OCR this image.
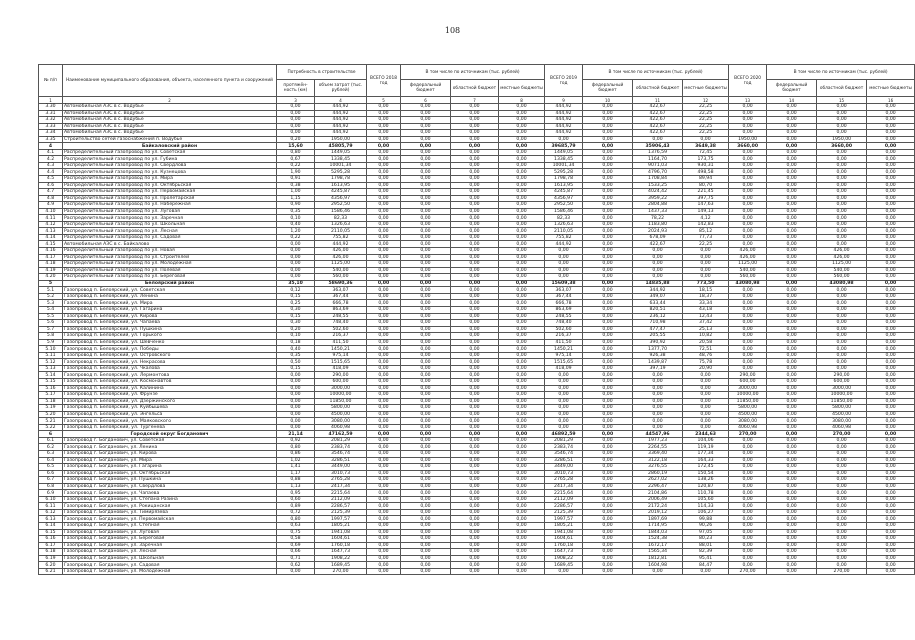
108
№ п/п	Наименование муниципального образования, объекта, населенного пункта и сооружений	Потребность в строительстве		ВСЕГО 2018 год	В том числе по источникам (тыс. рублей)			ВСЕГО 2019 год	В том числе по источникам (тыс. рублей)			ВСЕГО 2020 год	В том числе по источникам (тыс. рублей)		
		протяжён-ность (км)	объем затрат (тыс. рублей)		федеральный бюджет	областной бюджет	местные бюджеты		федеральный бюджет	областной бюджет	местные бюджеты		федеральный бюджет	областной бюджет	местные бюджеты
1	2	3	4	5	6	7	8	9	10	11	12	13	14	15	16
3.30	Автомобильная АЗС в с. Водубье	0,00	444,92	0,00	0,00	0,00	0,00	444,92	0,00	422,67	22,25	0,00	0,00	0,00	0,00
3.31	Автомобильная АЗС в с. Водубье	0,00	444,92	0,00	0,00	0,00	0,00	444,92	0,00	422,67	22,25	0,00	0,00	0,00	0,00
3.32	Автомобильная АЗС в с. Водубье	0,00	444,92	0,00	0,00	0,00	0,00	444,92	0,00	422,67	22,25	0,00	0,00	0,00	0,00
3.33	Автомобильная АЗС в с. Водубье	0,00	444,92	0,00	0,00	0,00	0,00	444,92	0,00	422,67	22,25	0,00	0,00	0,00	0,00
3.34	Автомобильная АЗС в с. Водубье	0,00	444,92	0,00	0,00	0,00	0,00	444,92	0,00	422,67	22,25	0,00	0,00	0,00	0,00
3.35	Строительство сетей газоснабжения п. Водубье	0,20	1950,00	0,00	0,00	0,00	0,00	0,00	0,00	0,00	0,00	1950,00	0,00	1950,00	0,00
4	Байкаловский район	15,60	45805,79	0,00	0,00	0,00	0,00	39685,79	0,00	35906,43	3649,38	3660,00	0,00	3660,00	0,00
4.1	Распределительный газопровод по ул. Советская	0,80	1449,05	0,00	0,00	0,00	0,00	1449,05	0,00	1376,59	72,45	0,00	0,00	0,00	0,00
4.2	Распределительный газопровод по ул. Губина	0,67	1338,45	0,00	0,00	0,00	0,00	1338,45	0,00	1164,70	173,75	0,00	0,00	0,00	0,00
4.3	Распределительный газопровод по ул. Свердлова	0,22	10001,34	0,00	0,00	0,00	0,00	10001,34	0,00	9071,03	930,31	0,00	0,00	0,00	0,00
4.4	Распределительный газопровод по ул. Кузнецова	1,90	5295,28	0,00	0,00	0,00	0,00	5295,28	0,00	4796,70	498,58	0,00	0,00	0,00	0,00
4.5	Распределительный газопровод по ул. Мира	0,91	1798,78	0,00	0,00	0,00	0,00	1798,78	0,00	1708,84	89,94	0,00	0,00	0,00	0,00
4.6	Распределительный газопровод по ул. Октябрьская	0,38	1613,95	0,00	0,00	0,00	0,00	1613,95	0,00	1533,25	80,70	0,00	0,00	0,00	0,00
4.7	Распределительный газопровод по ул. Первомайская	1,00	4245,87	0,00	0,00	0,00	0,00	4245,87	0,00	4024,42	221,45	0,00	0,00	0,00	0,00
4.8	Распределительный газопровод по ул. Пролетарская	1,15	4356,97	0,00	0,00	0,00	0,00	4356,97	0,00	3959,22	397,75	0,00	0,00	0,00	0,00
4.9	Распределительный газопровод по ул. Набережная	0,90	2952,50	0,00	0,00	0,00	0,00	2952,50	0,00	2804,88	147,63	0,00	0,00	0,00	0,00
4.10	Распределительный газопровод по ул. Луговая	0,35	1586,46	0,00	0,00	0,00	0,00	1586,46	0,00	1437,33	149,13	0,00	0,00	0,00	0,00
4.11	Распределительный газопровод по ул. Заречная	0,10	82,33	0,00	0,00	0,00	0,00	82,33	0,00	78,22	4,12	0,00	0,00	0,00	0,00
4.12	Распределительный газопровод по ул. Школьная	0,40	1326,63	0,00	0,00	0,00	0,00	1326,63	0,00	1183,80	142,83	0,00	0,00	0,00	0,00
4.13	Распределительный газопровод по ул. Лесная	1,20	2110,05	0,00	0,00	0,00	0,00	2110,05	0,00	2024,93	85,12	0,00	0,00	0,00	0,00
4.14	Распределительный газопровод по ул. Садовая	0,22	755,82	0,00	0,00	0,00	0,00	755,82	0,00	678,09	77,73	0,00	0,00	0,00	0,00
4.15	Автомобильная АЗС в с. Байкалово	0,00	444,92	0,00	0,00	0,00	0,00	444,92	0,00	422,67	22,25	0,00	0,00	0,00	0,00
4.16	Распределительный газопровод по ул. Новая	0,00	426,00	0,00	0,00	0,00	0,00	0,00	0,00	0,00	0,00	426,00	0,00	426,00	0,00
4.17	Распределительный газопровод по ул. Строителей	0,00	426,00	0,00	0,00	0,00	0,00	0,00	0,00	0,00	0,00	426,00	0,00	426,00	0,00
4.18	Распределительный газопровод по ул. Молодёжная	0,00	1125,00	0,00	0,00	0,00	0,00	0,00	0,00	0,00	0,00	1125,00	0,00	1125,00	0,00
4.19	Распределительный газопровод по ул. Полевая	0,00	540,00	0,00	0,00	0,00	0,00	0,00	0,00	0,00	0,00	540,00	0,00	540,00	0,00
4.20	Распределительный газопровод по ул. Береговая	0,00	560,00	0,00	0,00	0,00	0,00	0,00	0,00	0,00	0,00	560,00	0,00	560,00	0,00
5	Белоярский район	35,10	58690,36	0,00	0,00	0,00	0,00	15609,38	0,00	14835,88	773,50	43080,98	0,00	43080,98	0,00
5.1	Газопровод п. Белоярский, ул. Советская	0,12	363,07	0,00	0,00	0,00	0,00	363,07	0,00	344,92	18,15	0,00	0,00	0,00	0,00
5.2	Газопровод п. Белоярский, ул. Ленина	0,15	367,44	0,00	0,00	0,00	0,00	367,44	0,00	349,07	18,37	0,00	0,00	0,00	0,00
5.3	Газопровод п. Белоярский, ул. Мира	0,25	666,78	0,00	0,00	0,00	0,00	666,78	0,00	633,44	33,34	0,00	0,00	0,00	0,00
5.4	Газопровод п. Белоярский, ул. Гагарина	0,30	863,69	0,00	0,00	0,00	0,00	863,69	0,00	820,51	43,18	0,00	0,00	0,00	0,00
5.5	Газопровод п. Белоярский, ул. Кирова	0,15	248,55	0,00	0,00	0,00	0,00	248,55	0,00	236,12	12,43	0,00	0,00	0,00	0,00
5.6	Газопровод п. Белоярский, ул. Чапаева	0,30	748,40	0,00	0,00	0,00	0,00	748,40	0,00	710,98	37,42	0,00	0,00	0,00	0,00
5.7	Газопровод п. Белоярский, ул. Пушкина	0,20	502,60	0,00	0,00	0,00	0,00	502,60	0,00	477,47	25,13	0,00	0,00	0,00	0,00
5.8	Газопровод п. Белоярский, ул. Горького	0,10	216,37	0,00	0,00	0,00	0,00	216,37	0,00	205,55	10,82	0,00	0,00	0,00	0,00
5.9	Газопровод п. Белоярский, ул. Шевченко	0,18	411,50	0,00	0,00	0,00	0,00	411,50	0,00	390,92	20,58	0,00	0,00	0,00	0,00
5.10	Газопровод п. Белоярский, ул. Победы	0,40	1450,21	0,00	0,00	0,00	0,00	1450,21	0,00	1377,70	72,51	0,00	0,00	0,00	0,00
5.11	Газопровод п. Белоярский, ул. Островского	0,35	975,14	0,00	0,00	0,00	0,00	975,14	0,00	926,38	48,76	0,00	0,00	0,00	0,00
5.12	Газопровод п. Белоярский, ул. Некрасова	0,50	1515,65	0,00	0,00	0,00	0,00	1515,65	0,00	1439,87	75,78	0,00	0,00	0,00	0,00
5.13	Газопровод п. Белоярский, ул. Чкалова	0,15	418,09	0,00	0,00	0,00	0,00	418,09	0,00	397,19	20,90	0,00	0,00	0,00	0,00
5.14	Газопровод п. Белоярский, ул. Лермонтова	0,00	290,00	0,00	0,00	0,00	0,00	0,00	0,00	0,00	0,00	290,00	0,00	290,00	0,00
5.15	Газопровод п. Белоярский, ул. Космонавтов	0,00	600,00	0,00	0,00	0,00	0,00	0,00	0,00	0,00	0,00	600,00	0,00	600,00	0,00
5.16	Газопровод п. Белоярский, ул. Калинина	0,00	3000,00	0,00	0,00	0,00	0,00	0,00	0,00	0,00	0,00	3000,00	0,00	3000,00	0,00
5.17	Газопровод п. Белоярский, ул. Фрунзе	0,00	10000,00	0,00	0,00	0,00	0,00	0,00	0,00	0,00	0,00	10000,00	0,00	10000,00	0,00
5.18	Газопровод п. Белоярский, ул. Дзержинского	0,00	11850,00	0,00	0,00	0,00	0,00	0,00	0,00	0,00	0,00	11850,00	0,00	11850,00	0,00
5.19	Газопровод п. Белоярский, ул. Куйбышева	0,00	5800,00	0,00	0,00	0,00	0,00	0,00	0,00	0,00	0,00	5800,00	0,00	5800,00	0,00
5.20	Газопровод п. Белоярский, ул. Энгельса	0,00	4500,00	0,00	0,00	0,00	0,00	0,00	0,00	0,00	0,00	4500,00	0,00	4500,00	0,00
5.21	Газопровод п. Белоярский, ул. Маяковского	0,00	3080,00	0,00	0,00	0,00	0,00	0,00	0,00	0,00	0,00	3080,00	0,00	3080,00	0,00
5.22	Газопровод п. Белоярский, ул. Тургенева	0,00	4060,98	0,00	0,00	0,00	0,00	0,00	0,00	0,00	0,00	4060,98	0,00	4060,98	0,00
6	Городской округ Богданович	21,14	47162,59	0,00	0,00	0,00	0,00	46892,59	0,00	44547,96	2344,63	270,00	0,00	270,00	0,00
6.1	Газопровод г. Богданович, ул. Советская	0,92	2081,29	0,00	0,00	0,00	0,00	2081,29	0,00	1977,23	104,06	0,00	0,00	0,00	0,00
6.2	Газопровод г. Богданович, ул. Ленина	0,80	2383,74	0,00	0,00	0,00	0,00	2383,74	0,00	2264,55	119,19	0,00	0,00	0,00	0,00
6.3	Газопровод г. Богданович, ул. Кирова	0,86	3546,74	0,00	0,00	0,00	0,00	3546,74	0,00	3369,40	177,34	0,00	0,00	0,00	0,00
6.4	Газопровод г. Богданович, ул. Мира	1,02	3286,51	0,00	0,00	0,00	0,00	3286,51	0,00	3122,18	164,33	0,00	0,00	0,00	0,00
6.5	Газопровод г. Богданович, ул. Гагарина	1,41	3449,00	0,00	0,00	0,00	0,00	3449,00	0,00	3276,55	172,45	0,00	0,00	0,00	0,00
6.6	Газопровод г. Богданович, ул. Октябрьская	1,17	3010,73	0,00	0,00	0,00	0,00	3010,73	0,00	2860,19	150,54	0,00	0,00	0,00	0,00
6.7	Газопровод г. Богданович, ул. Пушкина	0,88	2765,28	0,00	0,00	0,00	0,00	2765,28	0,00	2627,02	138,26	0,00	0,00	0,00	0,00
6.8	Газопровод г. Богданович, ул. Свердлова	1,13	2417,34	0,00	0,00	0,00	0,00	2417,34	0,00	2296,47	120,87	0,00	0,00	0,00	0,00
6.9	Газопровод г. Богданович, ул. Чапаева	0,95	2215,64	0,00	0,00	0,00	0,00	2215,64	0,00	2104,86	110,78	0,00	0,00	0,00	0,00
6.10	Газопровод г. Богданович, ул. Степана Разина	0,60	2112,09	0,00	0,00	0,00	0,00	2112,09	0,00	2006,49	105,60	0,00	0,00	0,00	0,00
6.11	Газопровод г. Богданович, ул. Рокицанская	0,89	2286,57	0,00	0,00	0,00	0,00	2286,57	0,00	2172,24	114,33	0,00	0,00	0,00	0,00
6.12	Газопровод г. Богданович, ул. Тимирязева	0,72	2125,39	0,00	0,00	0,00	0,00	2125,39	0,00	2019,12	106,27	0,00	0,00	0,00	0,00
6.13	Газопровод г. Богданович, ул. Первомайская	0,80	1997,57	0,00	0,00	0,00	0,00	1997,57	0,00	1897,69	99,88	0,00	0,00	0,00	0,00
6.14	Газопровод г. Богданович, ул. Степная	0,63	1805,21	0,00	0,00	0,00	0,00	1805,21	0,00	1714,95	90,26	0,00	0,00	0,00	0,00
6.15	Газопровод г. Богданович, ул. Луговая	0,75	1941,08	0,00	0,00	0,00	0,00	1941,08	0,00	1844,03	97,05	0,00	0,00	0,00	0,00
6.16	Газопровод г. Богданович, ул. Береговая	0,58	1604,61	0,00	0,00	0,00	0,00	1604,61	0,00	1524,38	80,23	0,00	0,00	0,00	0,00
6.17	Газопровод г. Богданович, ул. Заречная	0,69	1760,18	0,00	0,00	0,00	0,00	1760,18	0,00	1672,17	88,01	0,00	0,00	0,00	0,00
6.18	Газопровод г. Богданович, ул. Лесная	0,66	1647,73	0,00	0,00	0,00	0,00	1647,73	0,00	1565,34	82,39	0,00	0,00	0,00	0,00
6.19	Газопровод г. Богданович, ул. Школьная	0,71	1908,22	0,00	0,00	0,00	0,00	1908,22	0,00	1812,81	95,41	0,00	0,00	0,00	0,00
6.20	Газопровод г. Богданович, ул. Садовая	0,62	1689,45	0,00	0,00	0,00	0,00	1689,45	0,00	1604,98	84,47	0,00	0,00	0,00	0,00
6.21	Газопровод г. Богданович, ул. Молодёжная	0,00	270,00	0,00	0,00	0,00	0,00	0,00	0,00	0,00	0,00	270,00	0,00	270,00	0,00
